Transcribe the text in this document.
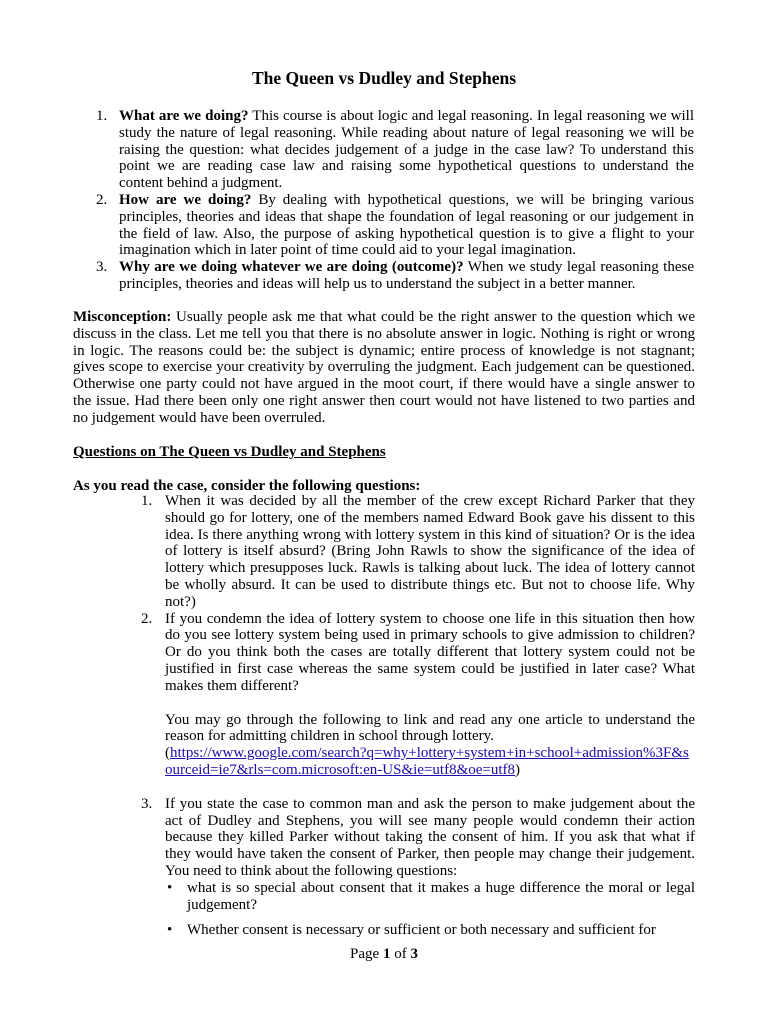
The Queen vs Dudley and Stephens
1. What are we doing? This course is about logic and legal reasoning. In legal reasoning we will study the nature of legal reasoning. While reading about nature of legal reasoning we will be raising the question: what decides judgement of a judge in the case law? To understand this point we are reading case law and raising some hypothetical questions to understand the content behind a judgment.
2. How are we doing? By dealing with hypothetical questions, we will be bringing various principles, theories and ideas that shape the foundation of legal reasoning or our judgement in the field of law. Also, the purpose of asking hypothetical question is to give a flight to your imagination which in later point of time could aid to your legal imagination.
3. Why are we doing whatever we are doing (outcome)? When we study legal reasoning these principles, theories and ideas will help us to understand the subject in a better manner.
Misconception: Usually people ask me that what could be the right answer to the question which we discuss in the class. Let me tell you that there is no absolute answer in logic. Nothing is right or wrong in logic. The reasons could be: the subject is dynamic; entire process of knowledge is not stagnant; gives scope to exercise your creativity by overruling the judgment. Each judgement can be questioned. Otherwise one party could not have argued in the moot court, if there would have a single answer to the issue. Had there been only one right answer then court would not have listened to two parties and no judgement would have been overruled.
Questions on The Queen vs Dudley and Stephens
As you read the case, consider the following questions:
1. When it was decided by all the member of the crew except Richard Parker that they should go for lottery, one of the members named Edward Book gave his dissent to this idea. Is there anything wrong with lottery system in this kind of situation? Or is the idea of lottery is itself absurd? (Bring John Rawls to show the significance of the idea of lottery which presupposes luck. Rawls is talking about luck. The idea of lottery cannot be wholly absurd. It can be used to distribute things etc. But not to choose life. Why not?)
2. If you condemn the idea of lottery system to choose one life in this situation then how do you see lottery system being used in primary schools to give admission to children? Or do you think both the cases are totally different that lottery system could not be justified in first case whereas the same system could be justified in later case? What makes them different?
You may go through the following to link and read any one article to understand the reason for admitting children in school through lottery.
(https://www.google.com/search?q=why+lottery+system+in+school+admission%3F&sourceid=ie7&rls=com.microsoft:en-US&ie=utf8&oe=utf8)
3. If you state the case to common man and ask the person to make judgement about the act of Dudley and Stephens, you will see many people would condemn their action because they killed Parker without taking the consent of him. If you ask that what if they would have taken the consent of Parker, then people may change their judgement. You need to think about the following questions:
• what is so special about consent that it makes a huge difference the moral or legal judgement?
• Whether consent is necessary or sufficient or both necessary and sufficient for
Page 1 of 3
